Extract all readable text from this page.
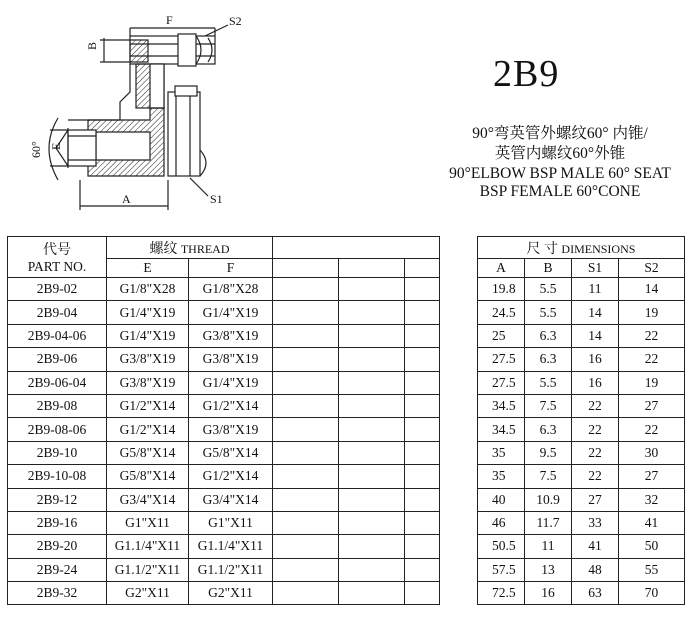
F	S2
B
60° E
S1
A
2B9
90°弯英管外螺纹60° 内锥/
英管内螺纹60°外锥
90°ELBOW BSP MALE 60° SEAT
BSP FEMALE 60°CONE
代号
PART NO.	螺纹 THREAD						尺 寸 DIMENSIONS			
	E	F					A	B	S1	S2
2B9-02	G1/8"X28	G1/8"X28					19.8	5.5	11	14
2B9-04	G1/4"X19	G1/4"X19					24.5	5.5	14	19
2B9-04-06	G1/4"X19	G3/8"X19					25	6.3	14	22
2B9-06	G3/8"X19	G3/8"X19					27.5	6.3	16	22
2B9-06-04	G3/8"X19	G1/4"X19					27.5	5.5	16	19
2B9-08	G1/2"X14	G1/2"X14					34.5	7.5	22	27
2B9-08-06	G1/2"X14	G3/8"X19					34.5	6.3	22	22
2B9-10	G5/8"X14	G5/8"X14					35	9.5	22	30
2B9-10-08	G5/8"X14	G1/2"X14					35	7.5	22	27
2B9-12	G3/4"X14	G3/4"X14					40	10.9	27	32
2B9-16	G1"X11	G1"X11					46	11.7	33	41
2B9-20	G1.1/4"X11	G1.1/4"X11					50.5	11	41	50
2B9-24	G1.1/2"X11	G1.1/2"X11					57.5	13	48	55
2B9-32	G2"X11	G2"X11					72.5	16	63	70
